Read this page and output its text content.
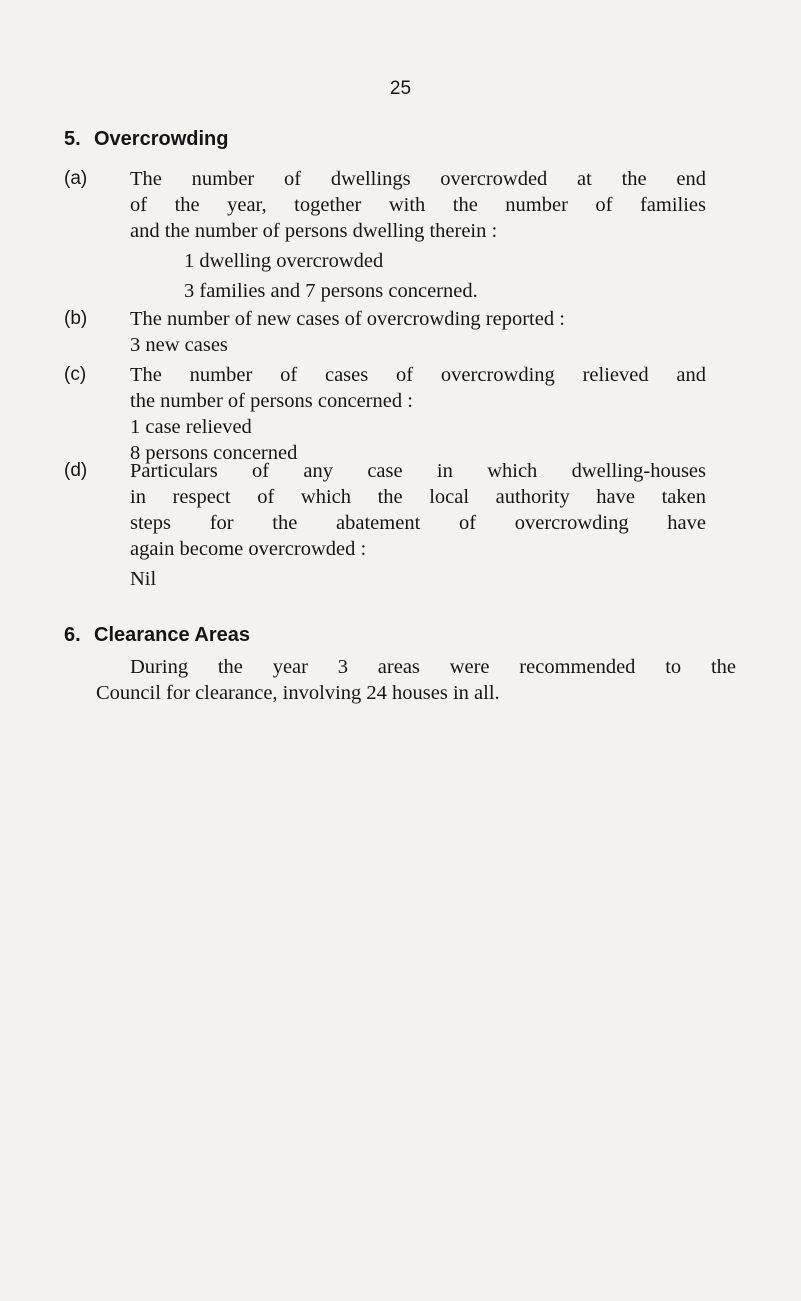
25
5. Overcrowding
(a) The number of dwellings overcrowded at the end
of the year, together with the number of families
and the number of persons dwelling therein :
1 dwelling overcrowded
3 families and 7 persons concerned.
(b) The number of new cases of overcrowding reported :
3 new cases
(c) The number of cases of overcrowding relieved and
the number of persons concerned :
1 case relieved
8 persons concerned
(d) Particulars of any case in which dwelling-houses
in respect of which the local authority have taken
steps for the abatement of overcrowding have
again become overcrowded :
Nil
6. Clearance Areas
During the year 3 areas were recommended to the
Council for clearance, involving 24 houses in all.
